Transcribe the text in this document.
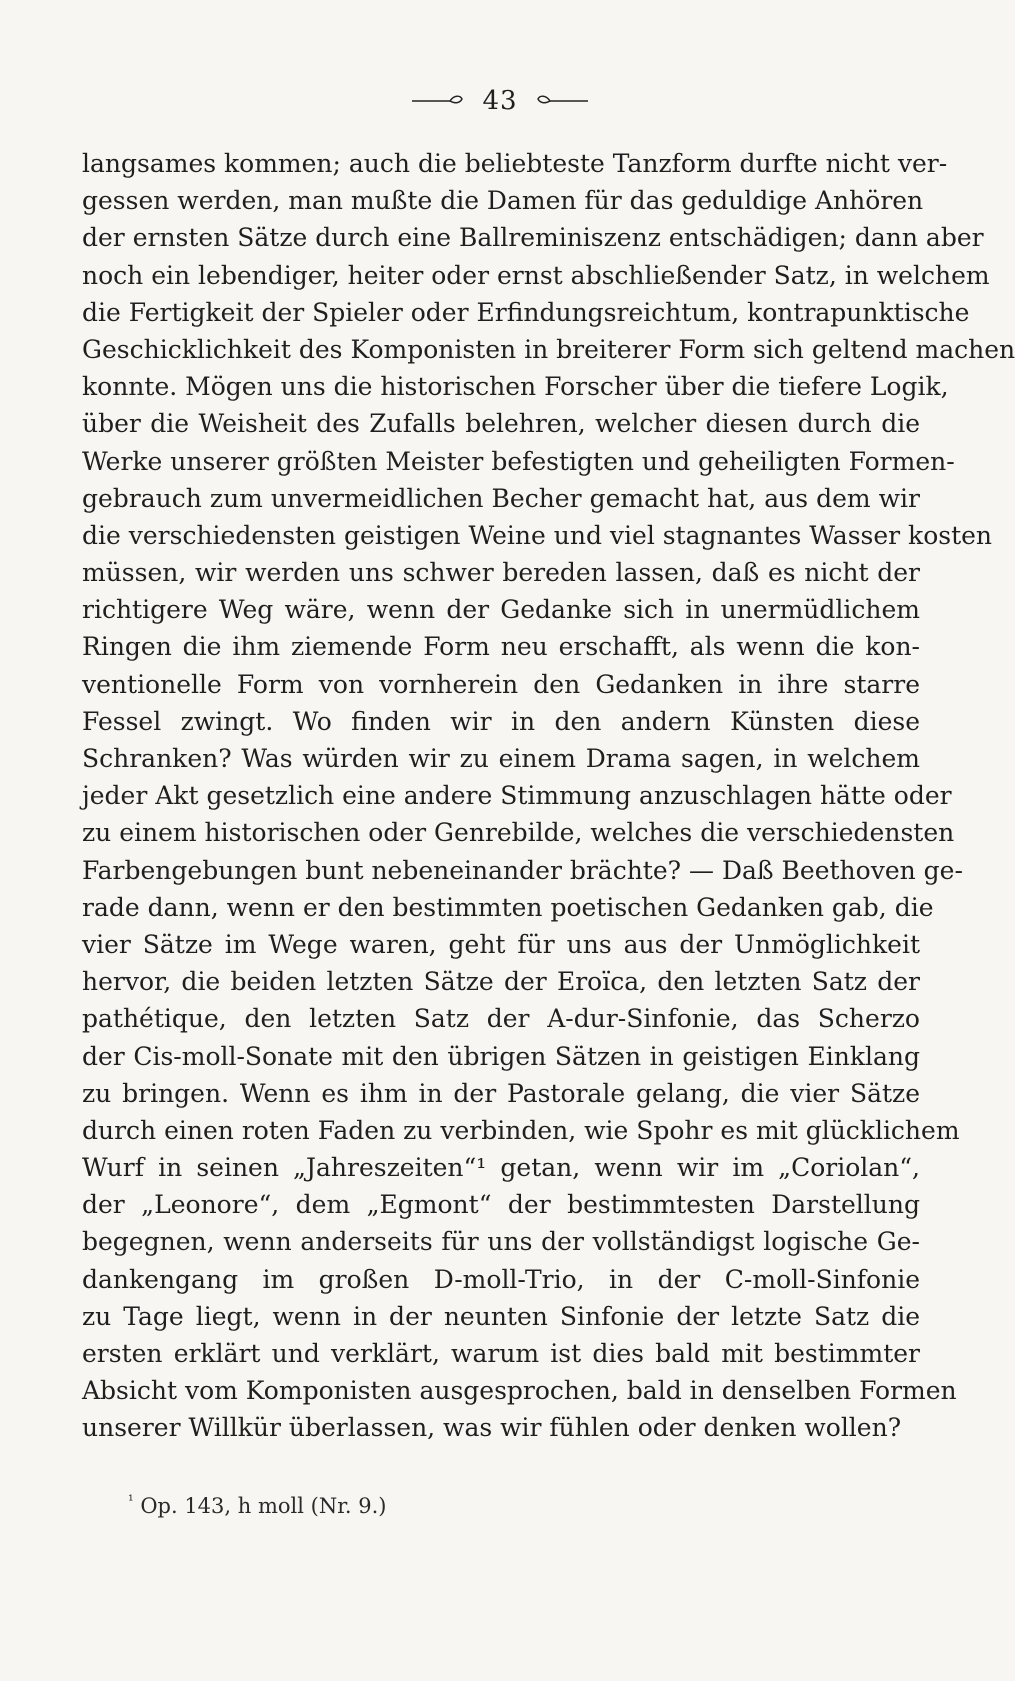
43
langsames kommen; auch die beliebteste Tanzform durfte nicht ver-
gessen werden, man mußte die Damen für das geduldige Anhören
der ernsten Sätze durch eine Ballreminiszenz entschädigen; dann aber
noch ein lebendiger, heiter oder ernst abschließender Satz, in welchem
die Fertigkeit der Spieler oder Erfindungsreichtum, kontrapunktische
Geschicklichkeit des Komponisten in breiterer Form sich geltend machen
konnte. Mögen uns die historischen Forscher über die tiefere Logik,
über die Weisheit des Zufalls belehren, welcher diesen durch die
Werke unserer größten Meister befestigten und geheiligten Formen-
gebrauch zum unvermeidlichen Becher gemacht hat, aus dem wir
die verschiedensten geistigen Weine und viel stagnantes Wasser kosten
müssen, wir werden uns schwer bereden lassen, daß es nicht der
richtigere Weg wäre, wenn der Gedanke sich in unermüdlichem
Ringen die ihm ziemende Form neu erschafft, als wenn die kon-
ventionelle Form von vornherein den Gedanken in ihre starre
Fessel zwingt. Wo finden wir in den andern Künsten diese
Schranken? Was würden wir zu einem Drama sagen, in welchem
jeder Akt gesetzlich eine andere Stimmung anzuschlagen hätte oder
zu einem historischen oder Genrebilde, welches die verschiedensten
Farbengebungen bunt nebeneinander brächte? — Daß Beethoven ge-
rade dann, wenn er den bestimmten poetischen Gedanken gab, die
vier Sätze im Wege waren, geht für uns aus der Unmöglichkeit
hervor, die beiden letzten Sätze der Eroïca, den letzten Satz der
pathétique, den letzten Satz der A-dur-Sinfonie, das Scherzo
der Cis-moll-Sonate mit den übrigen Sätzen in geistigen Einklang
zu bringen. Wenn es ihm in der Pastorale gelang, die vier Sätze
durch einen roten Faden zu verbinden, wie Spohr es mit glücklichem
Wurf in seinen „Jahreszeiten“¹ getan, wenn wir im „Coriolan“,
der „Leonore“, dem „Egmont“ der bestimmtesten Darstellung
begegnen, wenn anderseits für uns der vollständigst logische Ge-
dankengang im großen D-moll-Trio, in der C-moll-Sinfonie
zu Tage liegt, wenn in der neunten Sinfonie der letzte Satz die
ersten erklärt und verklärt, warum ist dies bald mit bestimmter
Absicht vom Komponisten ausgesprochen, bald in denselben Formen
unserer Willkür überlassen, was wir fühlen oder denken wollen?
$^{^1}$ Op. 143, h moll (Nr. 9.)
